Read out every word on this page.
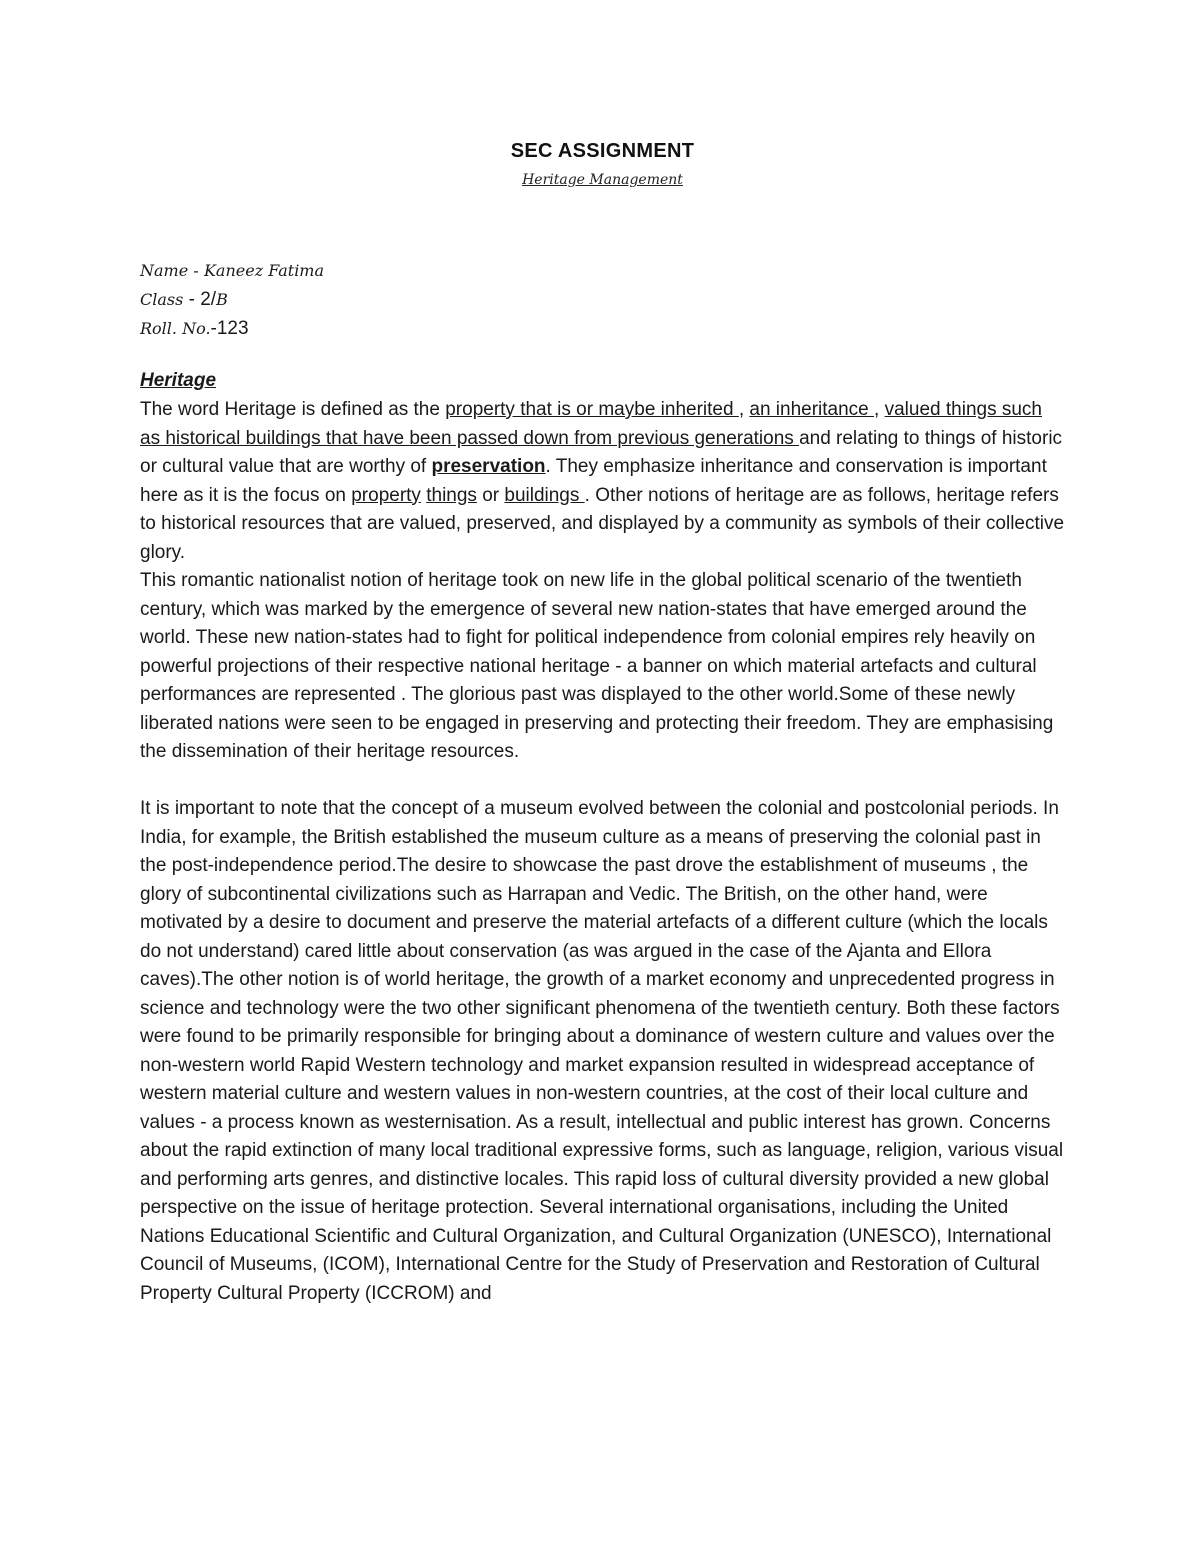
SEC ASSIGNMENT
Heritage Management
Name - Kaneez Fatima
Class - 2/B
Roll. No.-123
Heritage

The word Heritage is defined as the property that is or maybe inherited , an inheritance , valued things such as historical buildings that have been passed down from previous generations and relating to things of historic or cultural value that are worthy of preservation. They emphasize inheritance and conservation is important here as it is the focus on property things or buildings . Other notions of heritage are as follows, heritage refers to historical resources that are valued, preserved, and displayed by a community as symbols of their collective glory.

This romantic nationalist notion of heritage took on new life in the global political scenario of the twentieth century, which was marked by the emergence of several new nation-states that have emerged around the world. These new nation-states had to fight for political independence from colonial empires rely heavily on powerful projections of their respective national heritage - a banner on which material artefacts and cultural performances are represented . The glorious past was displayed to the other world.Some of these newly liberated nations were seen to be engaged in preserving and protecting their freedom. They are emphasising the dissemination of their heritage resources.

It is important to note that the concept of a museum evolved between the colonial and postcolonial periods. In India, for example, the British established the museum culture as a means of preserving the colonial past in the post-independence period.The desire to showcase the past drove the establishment of museums , the glory of subcontinental civilizations such as Harrapan and Vedic. The British, on the other hand, were motivated by a desire to document and preserve the material artefacts of a different culture (which the locals do not understand) cared little about conservation (as was argued in the case of the Ajanta and Ellora caves).The other notion is of world heritage, the growth of a market economy and unprecedented progress in science and technology were the two other significant phenomena of the twentieth century. Both these factors were found to be primarily responsible for bringing about a dominance of western culture and values over the non-western world Rapid Western technology and market expansion resulted in widespread acceptance of western material culture and western values in non-western countries, at the cost of their local culture and values - a process known as westernisation. As a result, intellectual and public interest has grown. Concerns about the rapid extinction of many local traditional expressive forms, such as language, religion, various visual and performing arts genres, and distinctive locales. This rapid loss of cultural diversity provided a new global perspective on the issue of heritage protection. Several international organisations, including the United Nations Educational Scientific and Cultural Organization, and Cultural Organization (UNESCO), International Council of Museums, (ICOM), International Centre for the Study of Preservation and Restoration of Cultural Property Cultural Property (ICCROM) and
